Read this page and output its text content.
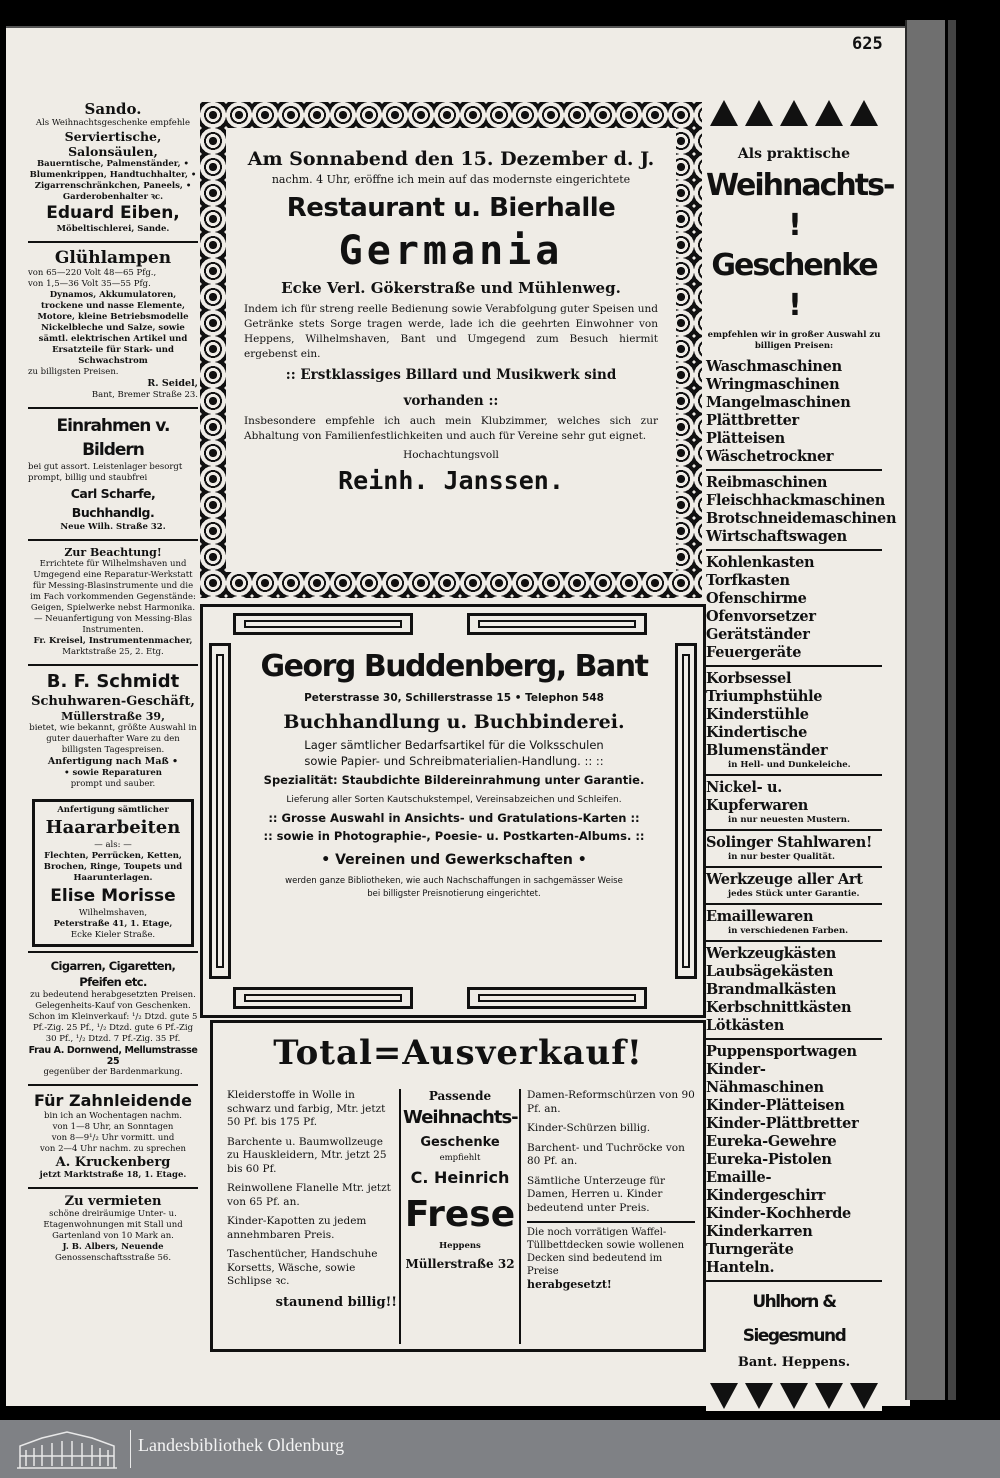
625
Sando.
Als Weihnachtsgeschenke empfehle
Serviertische, Salonsäulen,
Bauerntische, Palmenständer, • Blumenkrippen, Handtuchhalter, • Zigarrenschränkchen, Paneels, • Garderobenhalter ꝛc.
Eduard Eiben,
Möbeltischlerei, Sande.
Glühlampen
von 65—220 Volt 48—65 Pfg.,
von 1,5—36 Volt 35—55 Pfg.
Dynamos, Akkumulatoren, trockene und nasse Elemente, Motore, kleine Betriebsmodelle Nickelbleche und Salze, sowie sämtl. elektrischen Artikel und Ersatzteile für Stark- und Schwachstrom
zu billigsten Preisen.
R. Seidel,
Bant, Bremer Straße 23.
Einrahmen v. Bildern
bei gut assort. Leistenlager besorgt prompt, billig und staubfrei
Carl Scharfe, Buchhandlg.
Neue Wilh. Straße 32.
Zur Beachtung!
Errichtete für Wilhelmshaven und Umgegend eine Reparatur-Werkstatt für Messing-Blasinstrumente und die im Fach vorkommenden Gegenstände: Geigen, Spielwerke nebst Harmonika. — Neuanfertigung von Messing-Blas Instrumenten.
Fr. Kreisel, Instrumentenmacher,
Marktstraße 25, 2. Etg.
B. F. Schmidt
Schuhwaren-Geschäft,
Müllerstraße 39,
bietet, wie bekannt, größte Auswahl in guter dauerhafter Ware zu den billigsten Tagespreisen.
Anfertigung nach Maß •
• sowie Reparaturen
prompt und sauber.
Anfertigung sämtlicher
Haararbeiten
— als: —
Flechten, Perrücken, Ketten, Brochen, Ringe, Toupets und Haarunterlagen.
Elise Morisse
Wilhelmshaven,
Peterstraße 41, 1. Etage,
Ecke Kieler Straße.
Cigarren, Cigaretten, Pfeifen etc.
zu bedeutend herabgesetzten Preisen. Gelegenheits-Kauf von Geschenken. Schon im Kleinverkauf: ¹/₂ Dtzd. gute 5 Pf.-Zig. 25 Pf., ¹/₂ Dtzd. gute 6 Pf.-Zig 30 Pf., ¹/₂ Dtzd. 7 Pf.-Zig. 35 Pf.
Frau A. Dornwend, Mellumstrasse 25
gegenüber der Bardenmarkung.
Für Zahnleidende
bin ich an Wochentagen nachm.
von 1—8 Uhr, an Sonntagen
von 8—9¹/₂ Uhr vormitt. und
von 2—4 Uhr nachm. zu sprechen
A. Kruckenberg
jetzt Marktstraße 18, 1. Etage.
Zu vermieten
schöne dreiräumige Unter- u. Etagenwohnungen mit Stall und Gartenland von 10 Mark an.
J. B. Albers, Neuende
Genossenschaftsstraße 56.
Am Sonnabend den 15. Dezember d. J.
nachm. 4 Uhr, eröffne ich mein auf das modernste eingerichtete
Restaurant u. Bierhalle
Germania
Ecke Verl. Gökerstraße und Mühlenweg.
Indem ich für streng reelle Bedienung sowie Verabfolgung guter Speisen und Getränke stets Sorge tragen werde, lade ich die geehrten Einwohner von Heppens, Wilhelmshaven, Bant und Umgegend zum Besuch hiermit ergebenst ein.
:: Erstklassiges Billard und Musikwerk sind vorhanden ::
Insbesondere empfehle ich auch mein Klubzimmer, welches sich zur Abhaltung von Familienfestlichkeiten und auch für Vereine sehr gut eignet.
Hochachtungsvoll
Reinh. Janssen.
Georg Buddenberg, Bant
Peterstrasse 30, Schillerstrasse 15 • Telephon 548
Buchhandlung u. Buchbinderei.
Lager sämtlicher Bedarfsartikel für die Volksschulen
sowie Papier- und Schreibmaterialien-Handlung. :: ::
Spezialität: Staubdichte Bildereinrahmung unter Garantie.
Lieferung aller Sorten Kautschukstempel, Vereinsabzeichen und Schleifen.
:: Grosse Auswahl in Ansichts- und Gratulations-Karten ::
:: sowie in Photographie-, Poesie- u. Postkarten-Albums. ::
• Vereinen und Gewerkschaften •
werden ganze Bibliotheken, wie auch Nachschaffungen in sachgemässer Weise
bei billigster Preisnotierung eingerichtet.
Total=Ausverkauf!
Kleiderstoffe in Wolle in schwarz und farbig, Mtr. jetzt 50 Pf. bis 175 Pf.
Barchente u. Baumwollzeuge zu Hauskleidern, Mtr. jetzt 25 bis 60 Pf.
Reinwollene Flanelle Mtr. jetzt von 65 Pf. an.
Kinder-Kapotten zu jedem annehmbaren Preis.
Taschentücher, Handschuhe Korsetts, Wäsche, sowie Schlipse ꝛc.
staunend billig!!
Passende
Weihnachts-
Geschenke
empfiehlt
C. Heinrich
Frese
Heppens
Müllerstraße 32
Damen-Reformschürzen von 90 Pf. an.
Kinder-Schürzen billig.
Barchent- und Tuchröcke von 80 Pf. an.
Sämtliche Unterzeuge für Damen, Herren u. Kinder bedeutend unter Preis.
Die noch vorrätigen Waffel-Tüllbettdecken sowie wollenen Decken sind bedeutend im Preise
herabgesetzt!
Als praktische
Weihnachts-
! Geschenke !
empfehlen wir in großer Auswahl zu billigen Preisen:
Waschmaschinen
Wringmaschinen
Mangelmaschinen
Plättbretter
Plätteisen
Wäschetrockner
Reibmaschinen
Fleischhackmaschinen
Brotschneidemaschinen
Wirtschaftswagen
Kohlenkasten
Torfkasten
Ofenschirme
Ofenvorsetzer
Gerätständer
Feuergeräte
Korbsessel
Triumphstühle
Kinderstühle
Kindertische
Blumenständer
in Hell- und Dunkeleiche.
Nickel- u. Kupferwaren
in nur neuesten Mustern.
Solinger Stahlwaren!
in nur bester Qualität.
Werkzeuge aller Art
jedes Stück unter Garantie.
Emaillewaren
in verschiedenen Farben.
Werkzeugkästen
Laubsägekästen
Brandmalkästen
Kerbschnittkästen
Lötkästen
Puppensportwagen
Kinder-Nähmaschinen
Kinder-Plätteisen
Kinder-Plättbretter
Eureka-Gewehre
Eureka-Pistolen
Emaille-Kindergeschirr
Kinder-Kochherde
Kinderkarren
Turngeräte
Hanteln.
Uhlhorn & Siegesmund
Bant. Heppens.
Landesbibliothek Oldenburg
